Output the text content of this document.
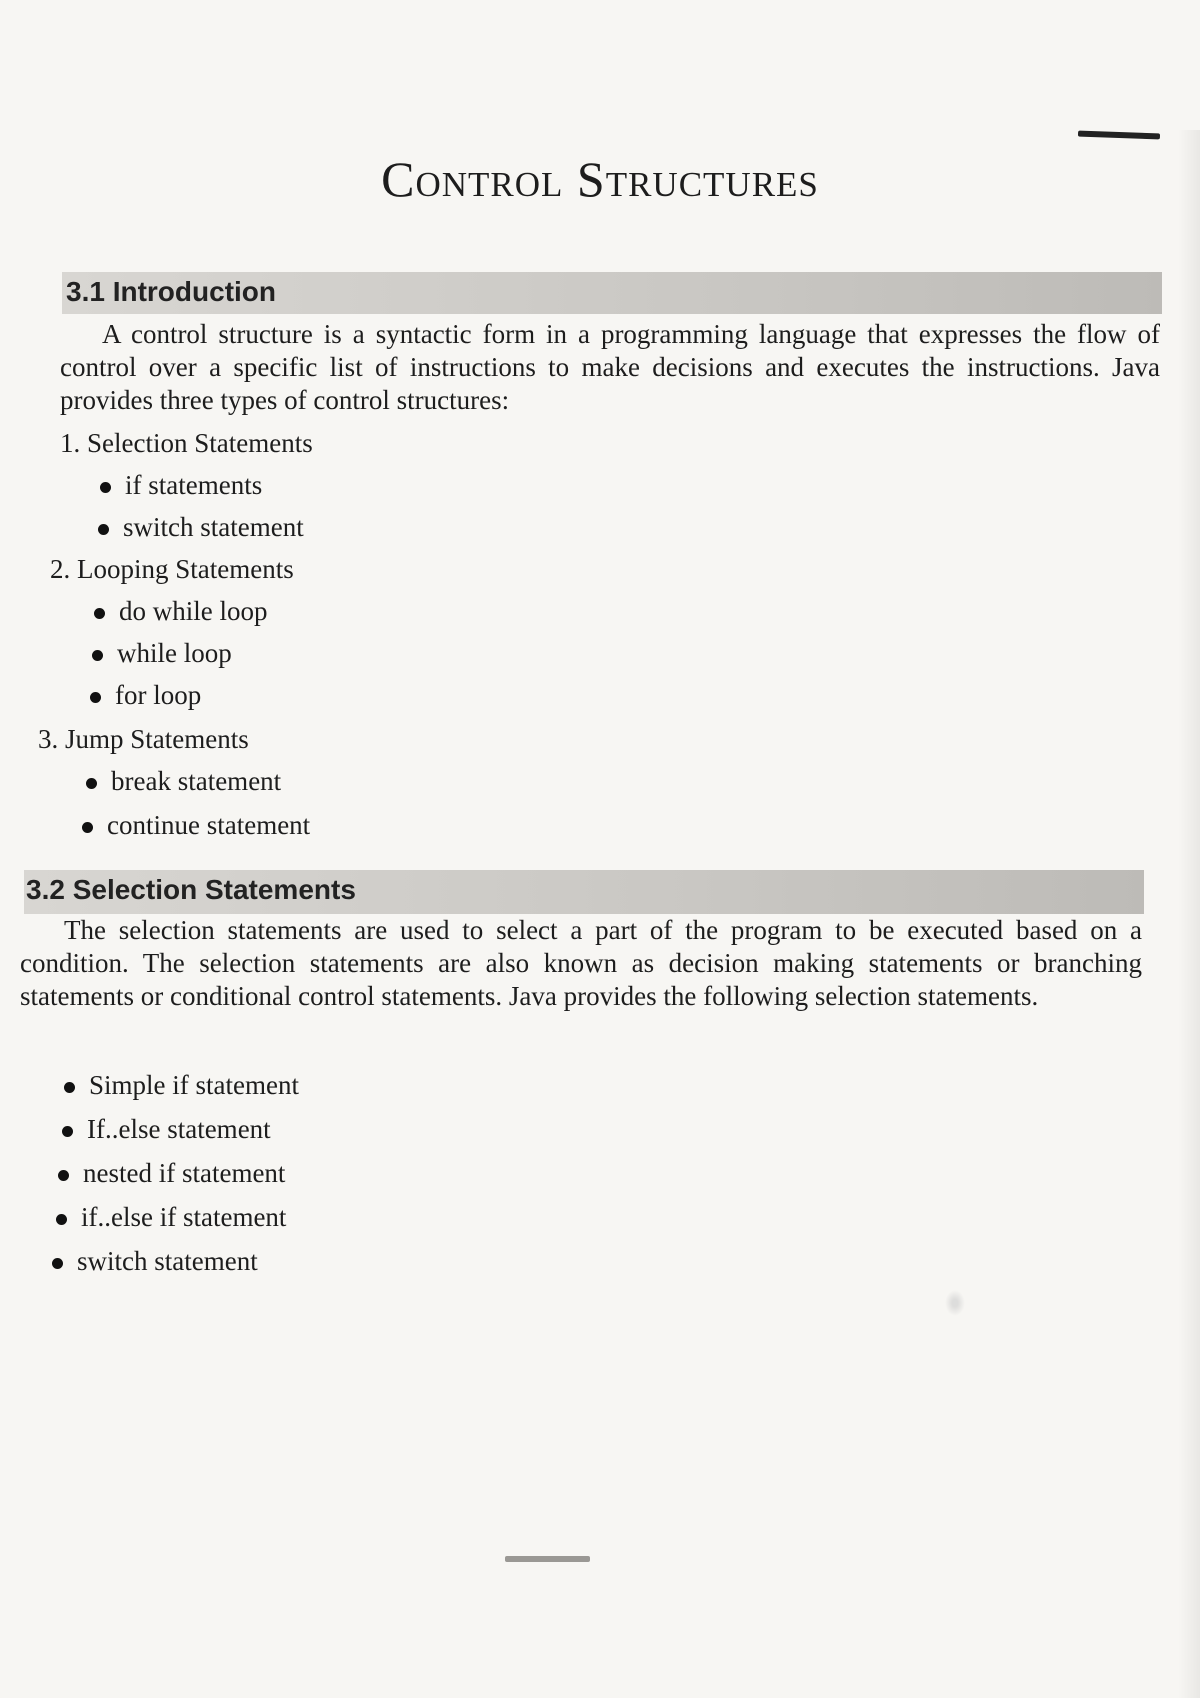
Control Structures
3.1 Introduction

A control structure is a syntactic form in a programming language that expresses the flow of control over a specific list of instructions to make decisions and executes the instructions. Java provides three types of control structures:

1. Selection Statements
if statements
switch statement
2. Looping Statements
do while loop
while loop
for loop
3. Jump Statements
break statement
continue statement
3.2 Selection Statements

The selection statements are used to select a part of the program to be executed based on a condition. The selection statements are also known as decision making statements or branching statements or conditional control statements. Java provides the following selection statements.

Simple if statement
If..else statement
nested if statement
if..else if statement
switch statement
